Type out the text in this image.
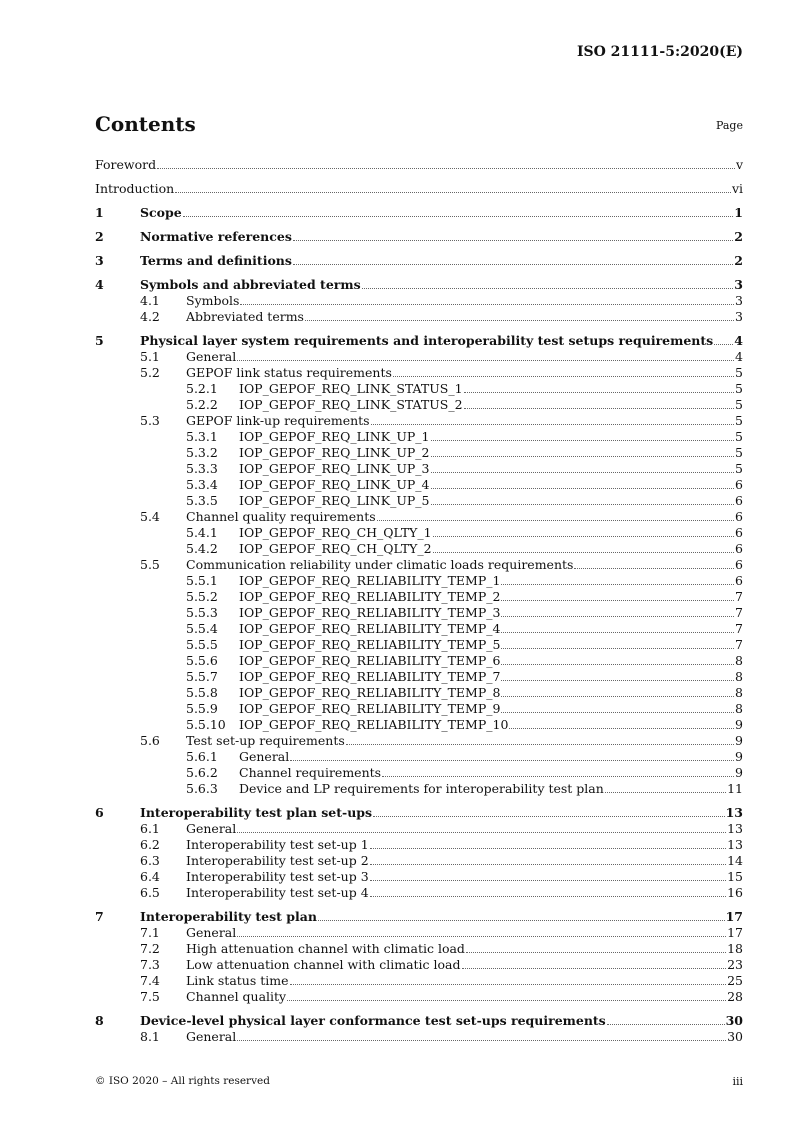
ISO 21111-5:2020(E)
Contents	Page
Foreword	v
Introduction	vi
1	Scope	1
2	Normative references	2
3	Terms and definitions	2
4	Symbols and abbreviated terms	3
4.1 Symbols	3
4.2 Abbreviated terms	3
5	Physical layer system requirements and interoperability test setups requirements 4
5.1 General	4
5.2 GEPOF link status requirements	5
5.2.1 IOP_GEPOF_REQ_LINK_STATUS_1	5
5.2.2 IOP_GEPOF_REQ_LINK_STATUS_2	5
5.3 GEPOF link-up requirements	5
5.3.1 IOP_GEPOF_REQ_LINK_UP_1	5
5.3.2 IOP_GEPOF_REQ_LINK_UP_2	5
5.3.3 IOP_GEPOF_REQ_LINK_UP_3	5
5.3.4 IOP_GEPOF_REQ_LINK_UP_4	6
5.3.5 IOP_GEPOF_REQ_LINK_UP_5	6
5.4 Channel quality requirements	6
5.4.1 IOP_GEPOF_REQ_CH_QLTY_1	6
5.4.2 IOP_GEPOF_REQ_CH_QLTY_2	6
5.5 Communication reliability under climatic loads requirements	6
5.5.1 IOP_GEPOF_REQ_RELIABILITY_TEMP_1	6
5.5.2 IOP_GEPOF_REQ_RELIABILITY_TEMP_2	7
5.5.3 IOP_GEPOF_REQ_RELIABILITY_TEMP_3	7
5.5.4 IOP_GEPOF_REQ_RELIABILITY_TEMP_4	7
5.5.5 IOP_GEPOF_REQ_RELIABILITY_TEMP_5	7
5.5.6 IOP_GEPOF_REQ_RELIABILITY_TEMP_6	8
5.5.7 IOP_GEPOF_REQ_RELIABILITY_TEMP_7	8
5.5.8 IOP_GEPOF_REQ_RELIABILITY_TEMP_8	8
5.5.9 IOP_GEPOF_REQ_RELIABILITY_TEMP_9	8
5.5.10 IOP_GEPOF_REQ_RELIABILITY_TEMP_10	9
5.6 Test set-up requirements	9
5.6.1 General	9
5.6.2 Channel requirements	9
5.6.3 Device and LP requirements for interoperability test plan	11
6	Interoperability test plan set-ups	13
6.1 General	13
6.2 Interoperability test set-up 1	13
6.3 Interoperability test set-up 2	14
6.4 Interoperability test set-up 3	15
6.5 Interoperability test set-up 4	16
7	Interoperability test plan	17
7.1 General	17
7.2 High attenuation channel with climatic load	18
7.3 Low attenuation channel with climatic load	23
7.4 Link status time	25
7.5 Channel quality	28
8	Device-level physical layer conformance test set-ups requirements	30
8.1 General	30
© ISO 2020 – All rights reserved	iii
